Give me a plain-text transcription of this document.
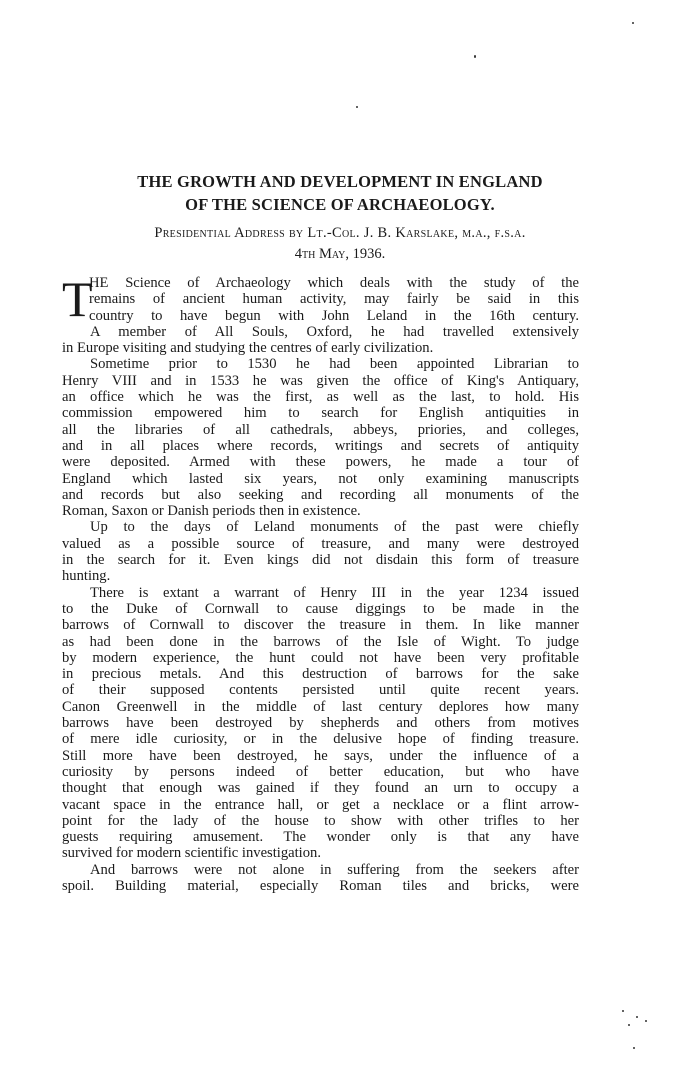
THE GROWTH AND DEVELOPMENT IN ENGLAND
OF THE SCIENCE OF ARCHAEOLOGY.
Presidential Address by Lt.-Col. J. B. Karslake, m.a., f.s.a.
4th May, 1936.
T
HE Science of Archaeology which deals with the study of the
remains of ancient human activity, may fairly be said in this
country to have begun with John Leland in the 16th century.
A member of All Souls, Oxford, he had travelled extensively
in Europe visiting and studying the centres of early civilization.
Sometime prior to 1530 he had been appointed Librarian to
Henry VIII and in 1533 he was given the office of King's Antiquary,
an office which he was the first, as well as the last, to hold. His
commission empowered him to search for English antiquities in
all the libraries of all cathedrals, abbeys, priories, and colleges,
and in all places where records, writings and secrets of antiquity
were deposited. Armed with these powers, he made a tour of
England which lasted six years, not only examining manuscripts
and records but also seeking and recording all monuments of the
Roman, Saxon or Danish periods then in existence.
Up to the days of Leland monuments of the past were chiefly
valued as a possible source of treasure, and many were destroyed
in the search for it. Even kings did not disdain this form of treasure
hunting.
There is extant a warrant of Henry III in the year 1234 issued
to the Duke of Cornwall to cause diggings to be made in the
barrows of Cornwall to discover the treasure in them. In like manner
as had been done in the barrows of the Isle of Wight. To judge
by modern experience, the hunt could not have been very profitable
in precious metals. And this destruction of barrows for the sake
of their supposed contents persisted until quite recent years.
Canon Greenwell in the middle of last century deplores how many
barrows have been destroyed by shepherds and others from motives
of mere idle curiosity, or in the delusive hope of finding treasure.
Still more have been destroyed, he says, under the influence of a
curiosity by persons indeed of better education, but who have
thought that enough was gained if they found an urn to occupy a
vacant space in the entrance hall, or get a necklace or a flint arrow-
point for the lady of the house to show with other trifles to her
guests requiring amusement. The wonder only is that any have
survived for modern scientific investigation.
And barrows were not alone in suffering from the seekers after
spoil. Building material, especially Roman tiles and bricks, were
